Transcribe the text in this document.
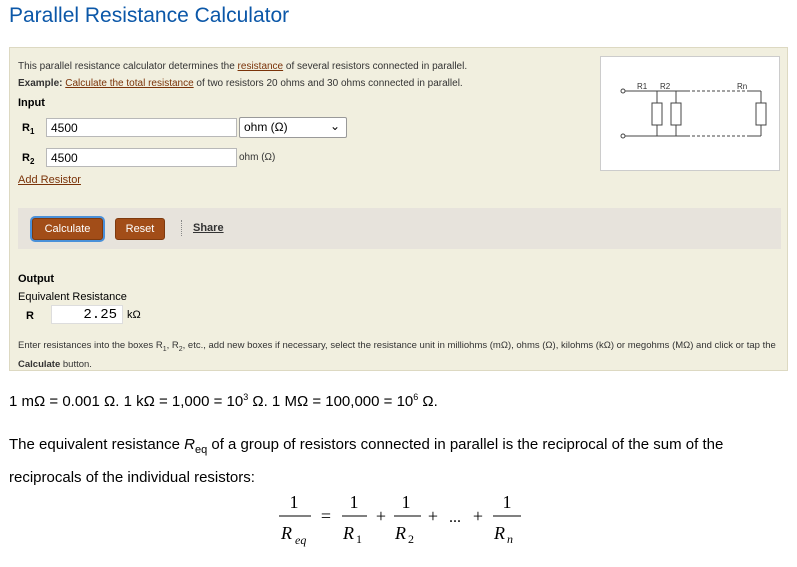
Parallel Resistance Calculator
This parallel resistance calculator determines the resistance of several resistors connected in parallel.
Example: Calculate the total resistance of two resistors 20 ohms and 30 ohms connected in parallel.
Input
$R_1$
4500	ohm (Ω)	⌄
$R_2$
4500	ohm (Ω)
Add Resistor
R1 R2	Rn
Calculate	Reset	Share
Output
Equivalent Resistance
R	2.25 kΩ
Enter resistances into the boxes $R_1$, $R_2$, etc., add new boxes if necessary, select the resistance unit in milliohms (mΩ), ohms (Ω), kilohms (kΩ) or megohms (MΩ) and click or tap the Calculate button.
1 mΩ = 0.001 Ω. 1 $k\Omega = 1,000 = 10^3$ Ω. 1 $M\Omega = 100,000 = 10^6$ Ω.
The equivalent resistance $R_{eq}$ of a group of resistors connected in parallel is the reciprocal of the sum of the reciprocals of the individual resistors:
1
R eq
=
1
R 1
+
1
R 2
+ ... +
1
R n
